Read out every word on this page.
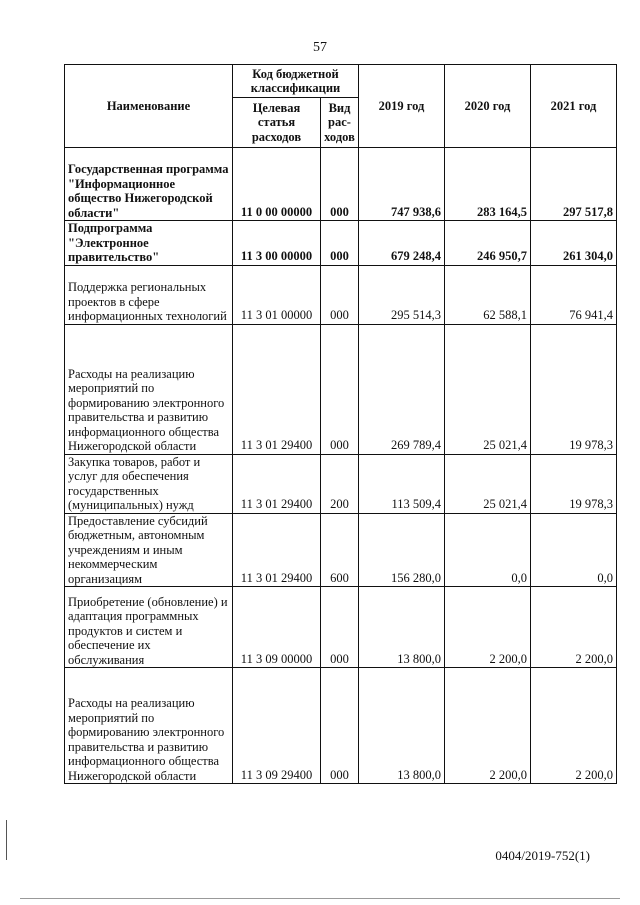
57
Наименование	Код бюджетной классификации		2019 год	2020 год	2021 год
	Целевая статья расходов	Вид рас-ходов			
Государственная программа "Информационное общество Нижегородской области"	11 0 00 00000	000	747 938,6	283 164,5	297 517,8
Подпрограмма "Электронное правительство"	11 3 00 00000	000	679 248,4	246 950,7	261 304,0
Поддержка региональных проектов в сфере информационных технологий	11 3 01 00000	000	295 514,3	62 588,1	76 941,4
Расходы на реализацию мероприятий по формированию электронного правительства и развитию информационного общества Нижегородской области	11 3 01 29400	000	269 789,4	25 021,4	19 978,3
Закупка товаров, работ и услуг для обеспечения государственных (муниципальных) нужд	11 3 01 29400	200	113 509,4	25 021,4	19 978,3
Предоставление субсидий бюджетным, автономным учреждениям и иным некоммерческим организациям	11 3 01 29400	600	156 280,0	0,0	0,0
Приобретение (обновление) и адаптация программных продуктов и систем и обеспечение их обслуживания	11 3 09 00000	000	13 800,0	2 200,0	2 200,0
Расходы на реализацию мероприятий по формированию электронного правительства и развитию информационного общества Нижегородской области	11 3 09 29400	000	13 800,0	2 200,0	2 200,0
0404/2019-752(1)
